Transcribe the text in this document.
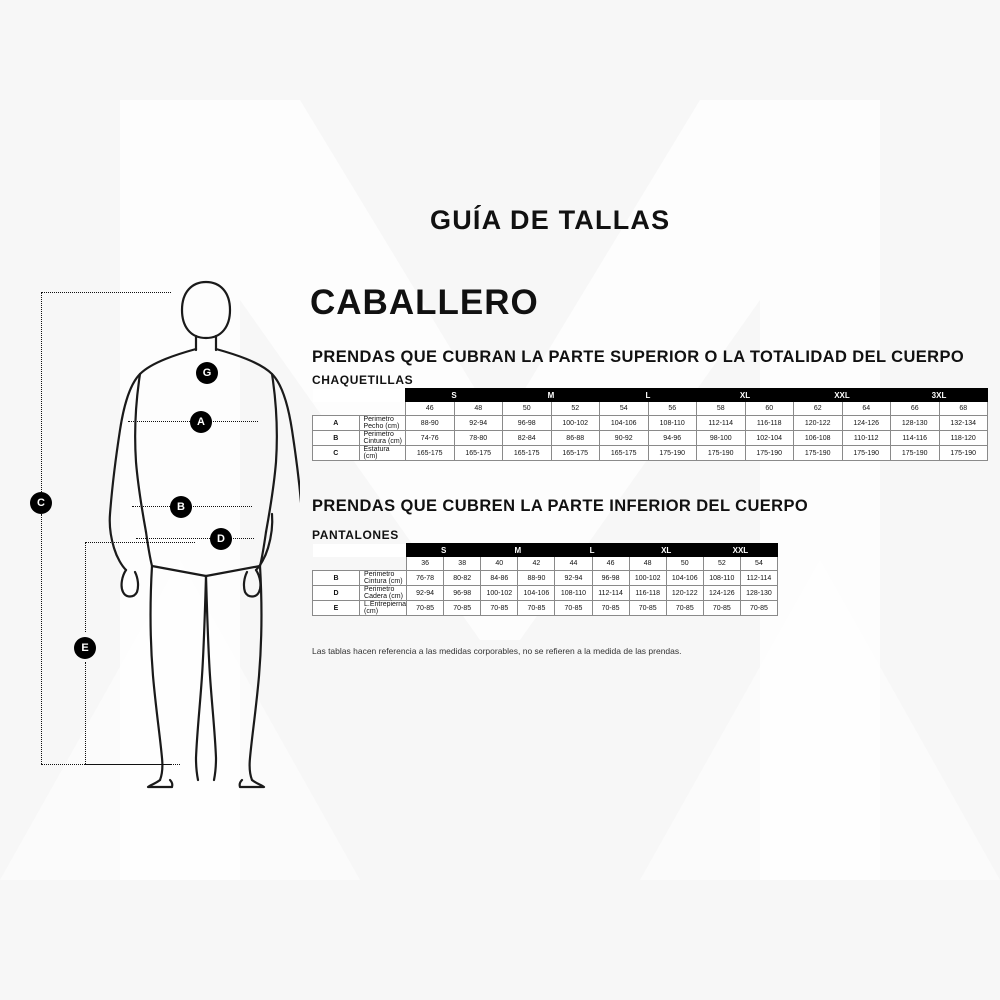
G
A
B
D
C
E
GUÍA DE TALLAS
CABALLERO
PRENDAS QUE CUBRAN LA PARTE SUPERIOR O LA TOTALIDAD DEL CUERPO
CHAQUETILLAS
PRENDAS QUE CUBREN LA PARTE INFERIOR DEL CUERPO
PANTALONES
		S		M		L		XL		XXL		3XL	
		46	48	50	52	54	56	58	60	62	64	66	68
A	Perimetro Pecho (cm)	88-90	92-94	96-98	100-102	104-106	108-110	112-114	116-118	120-122	124-126	128-130	132-134
B	Perimetro Cintura (cm)	74-76	78-80	82-84	86-88	90-92	94-96	98-100	102-104	106-108	110-112	114-116	118-120
C	Estatura (cm)	165-175	165-175	165-175	165-175	165-175	175-190	175-190	175-190	175-190	175-190	175-190	175-190
		S		M		L		XL		XXL	
		36	38	40	42	44	46	48	50	52	54
B	Perimetro Cintura (cm)	76-78	80-82	84-86	88-90	92-94	96-98	100-102	104-106	108-110	112-114
D	Perimetro Cadera (cm)	92-94	96-98	100-102	104-106	108-110	112-114	116-118	120-122	124-126	128-130
E	L.Entrepierna (cm)	70-85	70-85	70-85	70-85	70-85	70-85	70-85	70-85	70-85	70-85
Las tablas hacen referencia a las medidas corporables, no se refieren a la medida de las prendas.
